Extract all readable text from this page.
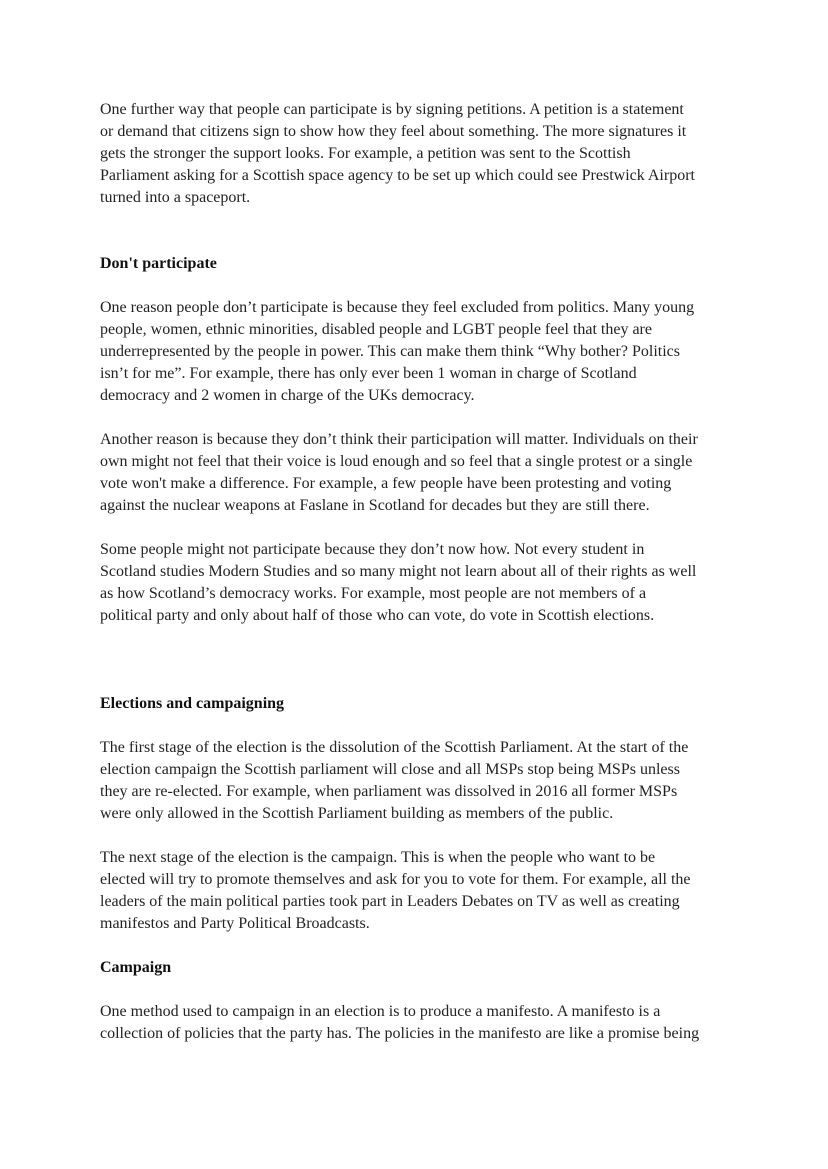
One further way that people can participate is by signing petitions. A petition is a statement
or demand that citizens sign to show how they feel about something. The more signatures it
gets the stronger the support looks. For example, a petition was sent to the Scottish
Parliament asking for a Scottish space agency to be set up which could see Prestwick Airport
turned into a spaceport.

Don't participate

One reason people don’t participate is because they feel excluded from politics. Many young
people, women, ethnic minorities, disabled people and LGBT people feel that they are
underrepresented by the people in power. This can make them think “Why bother? Politics
isn’t for me”. For example, there has only ever been 1 woman in charge of Scotland
democracy and 2 women in charge of the UKs democracy.

Another reason is because they don’t think their participation will matter. Individuals on their
own might not feel that their voice is loud enough and so feel that a single protest or a single
vote won't make a difference. For example, a few people have been protesting and voting
against the nuclear weapons at Faslane in Scotland for decades but they are still there.

Some people might not participate because they don’t now how. Not every student in
Scotland studies Modern Studies and so many might not learn about all of their rights as well
as how Scotland’s democracy works. For example, most people are not members of a
political party and only about half of those who can vote, do vote in Scottish elections.

Elections and campaigning

The first stage of the election is the dissolution of the Scottish Parliament. At the start of the
election campaign the Scottish parliament will close and all MSPs stop being MSPs unless
they are re-elected. For example, when parliament was dissolved in 2016 all former MSPs
were only allowed in the Scottish Parliament building as members of the public.

The next stage of the election is the campaign. This is when the people who want to be
elected will try to promote themselves and ask for you to vote for them. For example, all the
leaders of the main political parties took part in Leaders Debates on TV as well as creating
manifestos and Party Political Broadcasts.

Campaign

One method used to campaign in an election is to produce a manifesto. A manifesto is a
collection of policies that the party has. The policies in the manifesto are like a promise being
